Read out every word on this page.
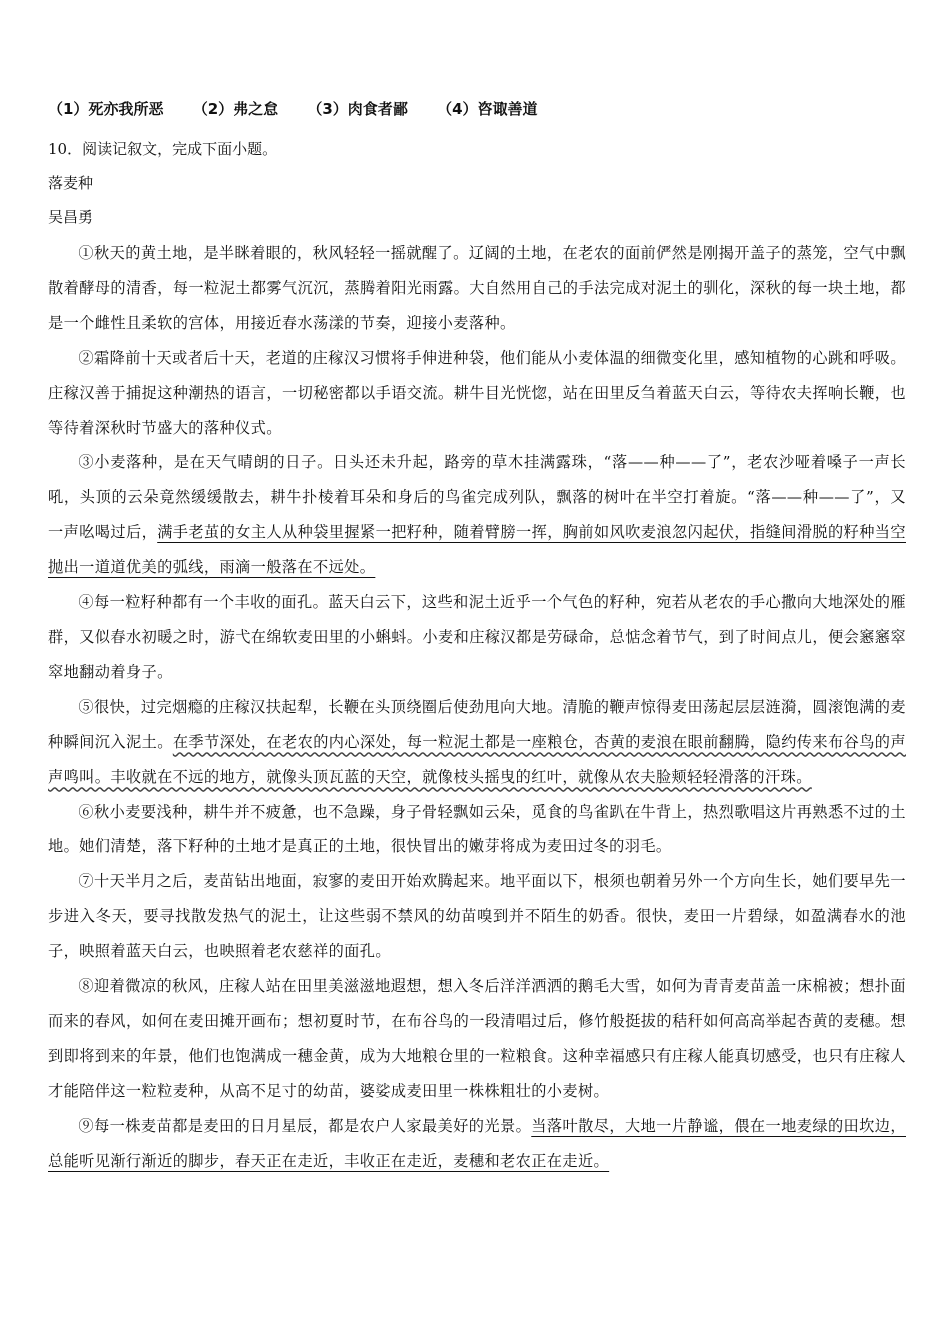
（1）死亦我所恶 （2）弗之怠 （3）肉食者鄙 （4）咨诹善道
10．阅读记叙文，完成下面小题。
落麦种
吴昌勇

①秋天的黄土地，是半眯着眼的，秋风轻轻一摇就醒了。辽阔的土地，在老农的面前俨然是刚揭开盖子的蒸笼，空气中飘散着酵母的清香，每一粒泥土都雾气沉沉，蒸腾着阳光雨露。大自然用自己的手法完成对泥土的驯化，深秋的每一块土地，都是一个雌性且柔软的宫体，用接近春水荡漾的节奏，迎接小麦落种。

②霜降前十天或者后十天，老道的庄稼汉习惯将手伸进种袋，他们能从小麦体温的细微变化里，感知植物的心跳和呼吸。庄稼汉善于捕捉这种潮热的语言，一切秘密都以手语交流。耕牛目光恍惚，站在田里反刍着蓝天白云，等待农夫挥响长鞭，也等待着深秋时节盛大的落种仪式。

③小麦落种，是在天气晴朗的日子。日头还未升起，路旁的草木挂满露珠，“落——种——了”，老农沙哑着嗓子一声长吼，头顶的云朵竟然缓缓散去，耕牛扑棱着耳朵和身后的鸟雀完成列队，飘落的树叶在半空打着旋。“落——种——了”，又一声吆喝过后，满手老茧的女主人从种袋里握紧一把籽种，随着臂膀一挥，胸前如风吹麦浪忽闪起伏，指缝间滑脱的籽种当空抛出一道道优美的弧线，雨滴一般落在不远处。

④每一粒籽种都有一个丰收的面孔。蓝天白云下，这些和泥土近乎一个气色的籽种，宛若从老农的手心撒向大地深处的雁群，又似春水初暖之时，游弋在绵软麦田里的小蝌蚪。小麦和庄稼汉都是劳碌命，总惦念着节气，到了时间点儿，便会窸窸窣窣地翻动着身子。

⑤很快，过完烟瘾的庄稼汉扶起犁，长鞭在头顶绕圈后使劲甩向大地。清脆的鞭声惊得麦田荡起层层涟漪，圆滚饱满的麦种瞬间沉入泥土。在季节深处，在老农的内心深处，每一粒泥土都是一座粮仓，杏黄的麦浪在眼前翻腾，隐约传来布谷鸟的声声鸣叫。丰收就在不远的地方，就像头顶瓦蓝的天空，就像枝头摇曳的红叶，就像从农夫脸颊轻轻滑落的汗珠。

⑥秋小麦要浅种，耕牛并不疲惫，也不急躁，身子骨轻飘如云朵，觅食的鸟雀趴在牛背上，热烈歌唱这片再熟悉不过的土地。她们清楚，落下籽种的土地才是真正的土地，很快冒出的嫩芽将成为麦田过冬的羽毛。

⑦十天半月之后，麦苗钻出地面，寂寥的麦田开始欢腾起来。地平面以下，根须也朝着另外一个方向生长，她们要早先一步进入冬天，要寻找散发热气的泥土，让这些弱不禁风的幼苗嗅到并不陌生的奶香。很快，麦田一片碧绿，如盈满春水的池子，映照着蓝天白云，也映照着老农慈祥的面孔。

⑧迎着微凉的秋风，庄稼人站在田里美滋滋地遐想，想入冬后洋洋洒洒的鹅毛大雪，如何为青青麦苗盖一床棉被；想扑面而来的春风，如何在麦田摊开画布；想初夏时节，在布谷鸟的一段清唱过后，修竹般挺拔的秸秆如何高高举起杏黄的麦穗。想到即将到来的年景，他们也饱满成一穗金黄，成为大地粮仓里的一粒粮食。这种幸福感只有庄稼人能真切感受，也只有庄稼人才能陪伴这一粒粒麦种，从高不足寸的幼苗，婆娑成麦田里一株株粗壮的小麦树。

⑨每一株麦苗都是麦田的日月星辰，都是农户人家最美好的光景。当落叶散尽，大地一片静谧，偎在一地麦绿的田坎边，总能听见渐行渐近的脚步，春天正在走近，丰收正在走近，麦穗和老农正在走近。
